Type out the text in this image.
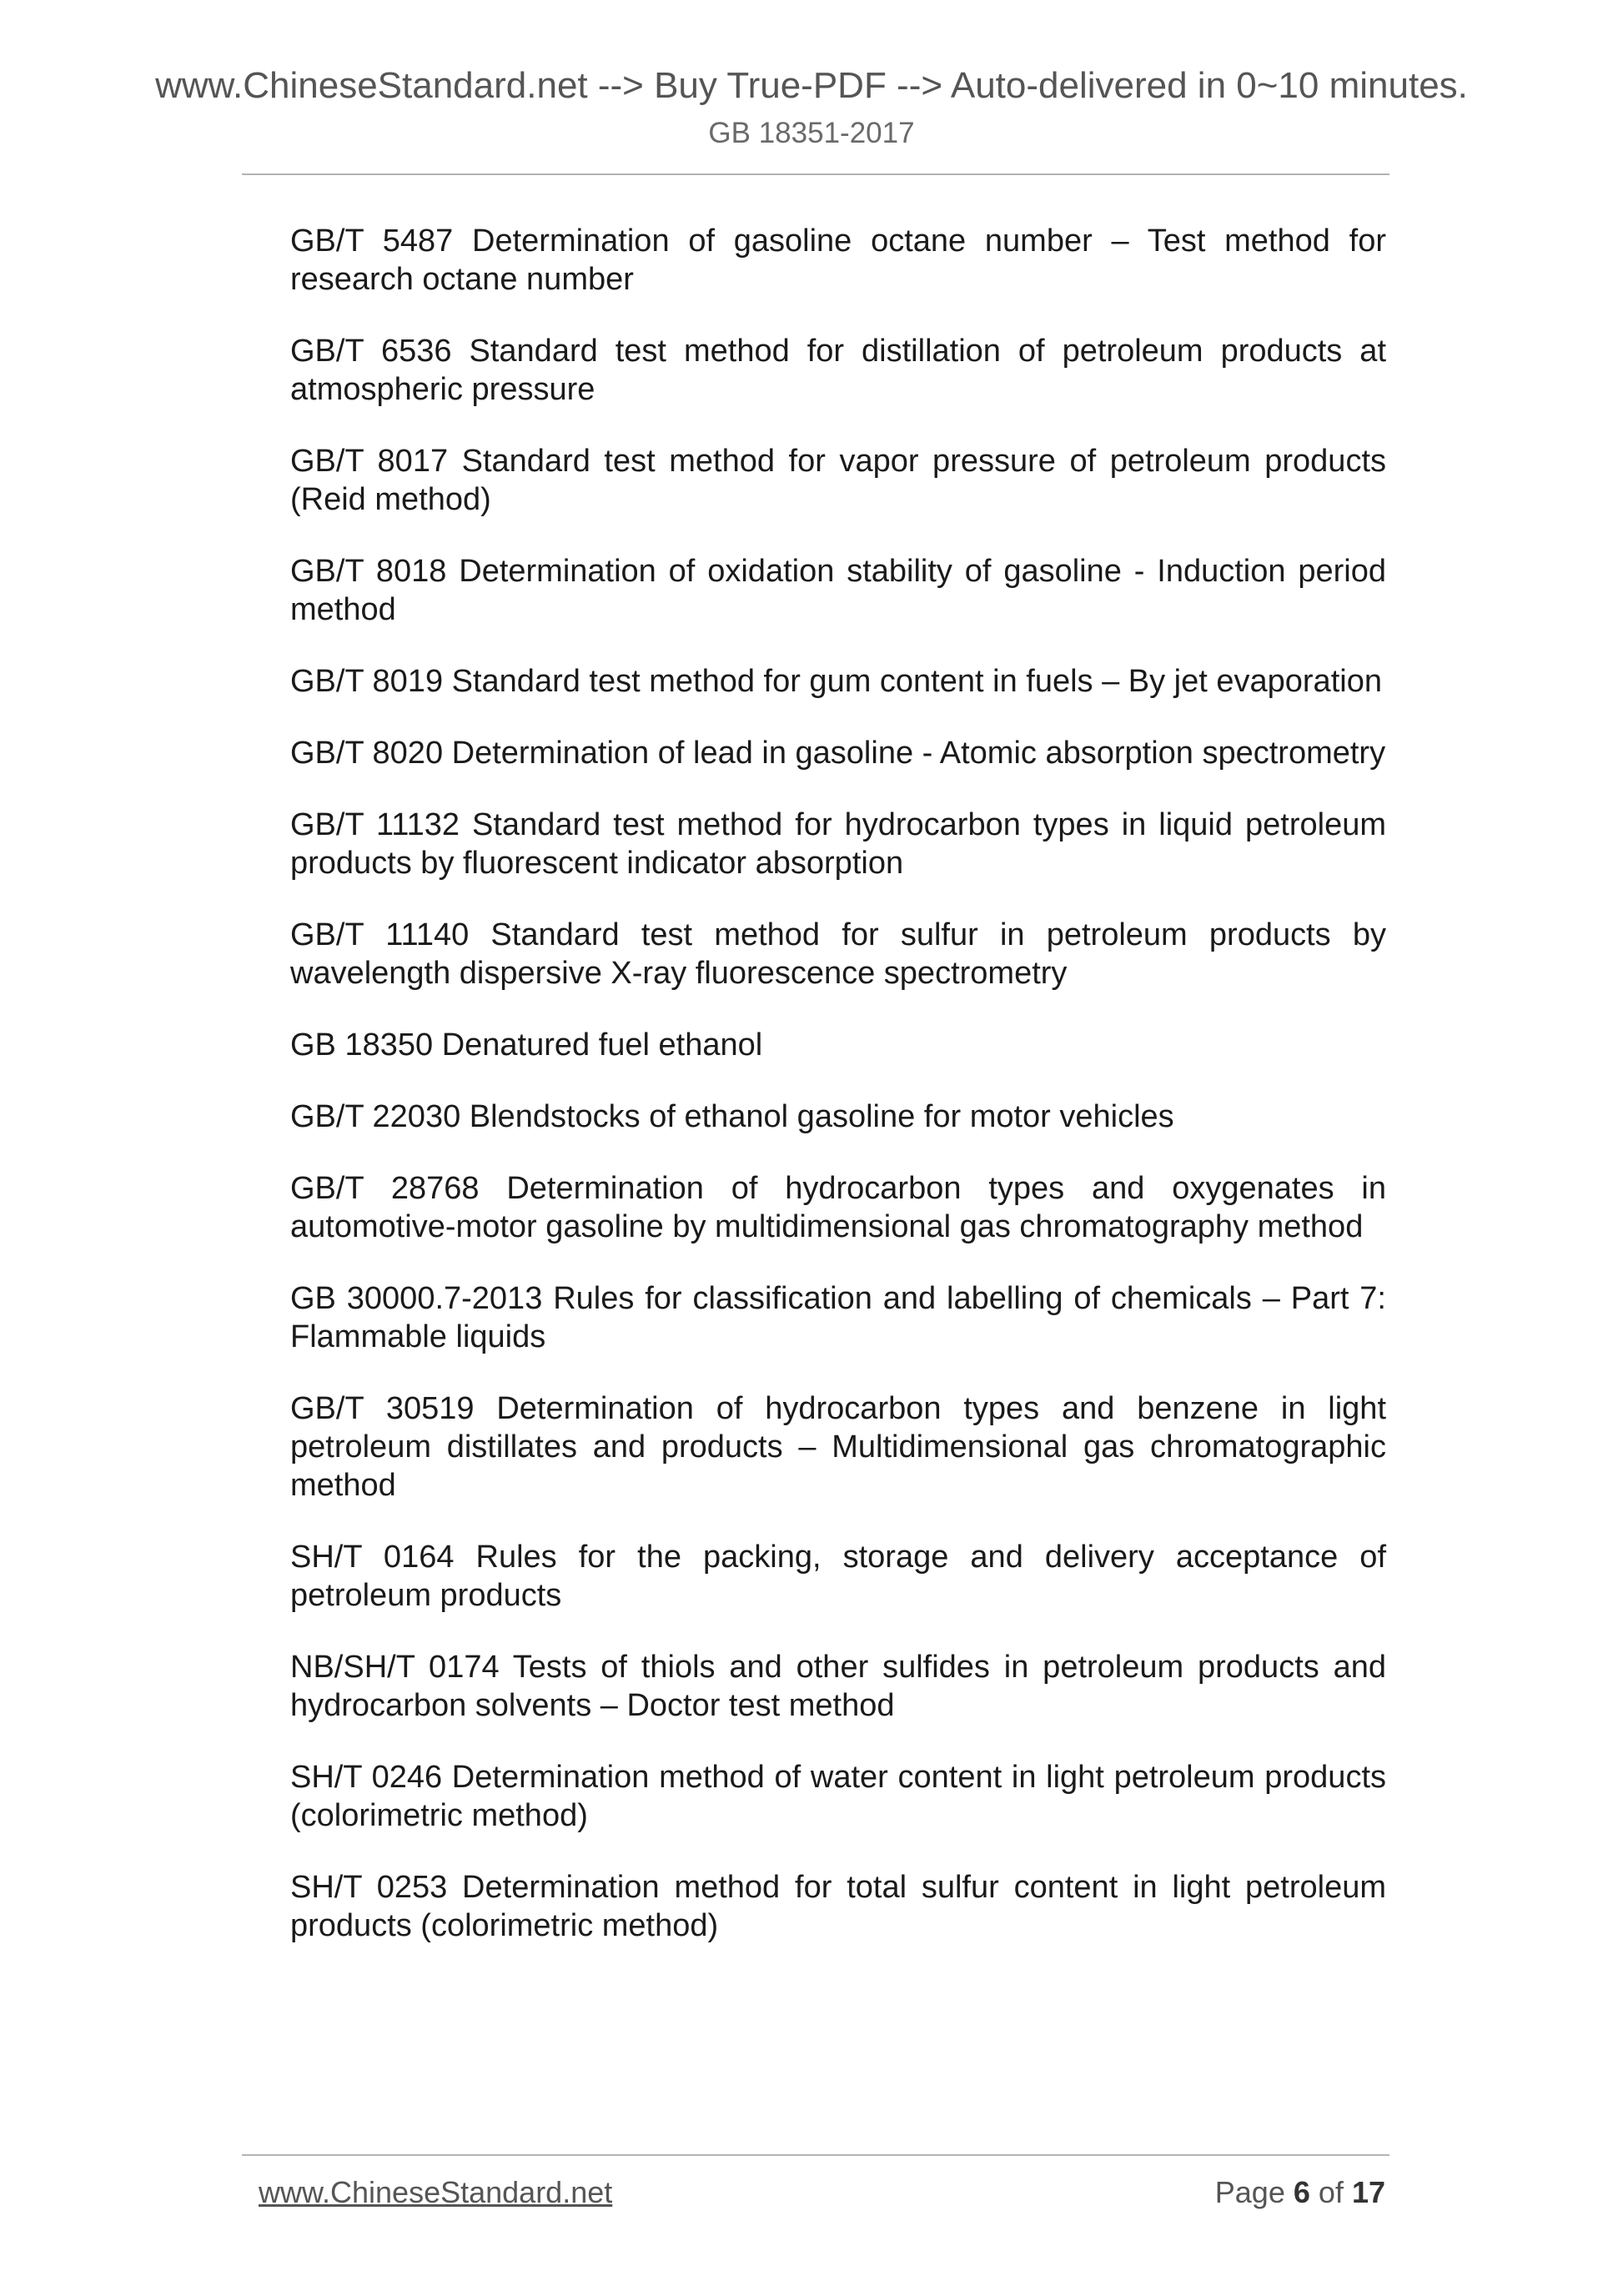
www.ChineseStandard.net --> Buy True-PDF --> Auto-delivered in 0~10 minutes.
GB 18351-2017

GB/T 5487 Determination of gasoline octane number – Test method for research octane number

GB/T 6536 Standard test method for distillation of petroleum products at atmospheric pressure

GB/T 8017 Standard test method for vapor pressure of petroleum products (Reid method)

GB/T 8018 Determination of oxidation stability of gasoline - Induction period method

GB/T 8019 Standard test method for gum content in fuels – By jet evaporation

GB/T 8020 Determination of lead in gasoline - Atomic absorption spectrometry

GB/T 11132 Standard test method for hydrocarbon types in liquid petroleum products by fluorescent indicator absorption

GB/T 11140 Standard test method for sulfur in petroleum products by wavelength dispersive X-ray fluorescence spectrometry

GB 18350 Denatured fuel ethanol

GB/T 22030 Blendstocks of ethanol gasoline for motor vehicles

GB/T 28768 Determination of hydrocarbon types and oxygenates in automotive-motor gasoline by multidimensional gas chromatography method

GB 30000.7-2013 Rules for classification and labelling of chemicals – Part 7: Flammable liquids

GB/T 30519 Determination of hydrocarbon types and benzene in light petroleum distillates and products – Multidimensional gas chromatographic method

SH/T 0164 Rules for the packing, storage and delivery acceptance of petroleum products

NB/SH/T 0174 Tests of thiols and other sulfides in petroleum products and hydrocarbon solvents – Doctor test method

SH/T 0246 Determination method of water content in light petroleum products (colorimetric method)

SH/T 0253 Determination method for total sulfur content in light petroleum products (colorimetric method)

www.ChineseStandard.net	Page 6 of 17
